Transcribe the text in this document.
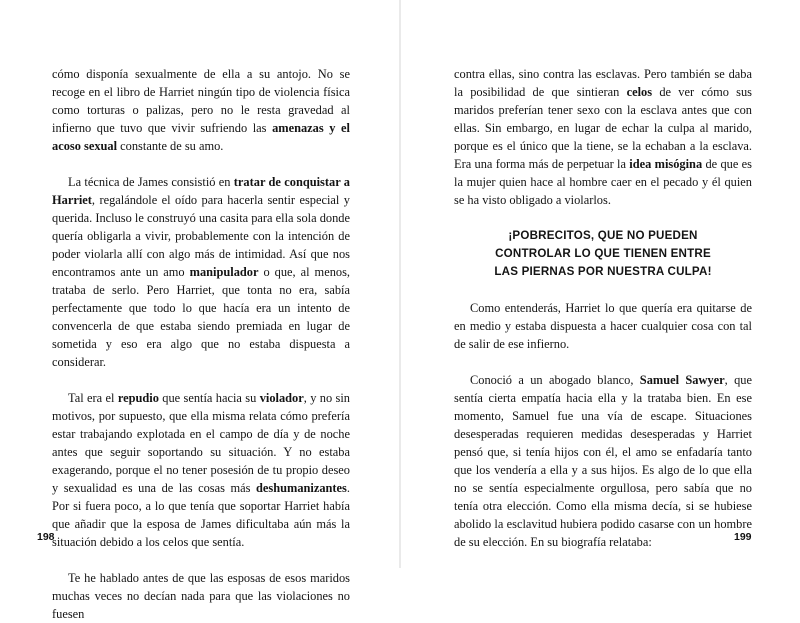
cómo disponía sexualmente de ella a su antojo. No se recoge en el libro de Harriet ningún tipo de violencia física como torturas o palizas, pero no le resta gravedad al infierno que tuvo que vivir sufriendo las amenazas y el acoso sexual constante de su amo.

La técnica de James consistió en tratar de conquistar a Harriet, regalándole el oído para hacerla sentir especial y querida. Incluso le construyó una casita para ella sola donde quería obligarla a vivir, probablemente con la intención de poder violarla allí con algo más de intimidad. Así que nos encontramos ante un amo manipulador o que, al menos, trataba de serlo. Pero Harriet, que tonta no era, sabía perfectamente que todo lo que hacía era un intento de convencerla de que estaba siendo premiada en lugar de sometida y eso era algo que no estaba dispuesta a considerar.

Tal era el repudio que sentía hacia su violador, y no sin motivos, por supuesto, que ella misma relata cómo prefería estar trabajando explotada en el campo de día y de noche antes que seguir soportando su situación. Y no estaba exagerando, porque el no tener posesión de tu propio deseo y sexualidad es una de las cosas más deshumanizantes. Por si fuera poco, a lo que tenía que soportar Harriet había que añadir que la esposa de James dificultaba aún más la situación debido a los celos que sentía.

Te he hablado antes de que las esposas de esos maridos muchas veces no decían nada para que las violaciones no fuesen

198

contra ellas, sino contra las esclavas. Pero también se daba la posibilidad de que sintieran celos de ver cómo sus maridos preferían tener sexo con la esclava antes que con ellas. Sin embargo, en lugar de echar la culpa al marido, porque es el único que la tiene, se la echaban a la esclava. Era una forma más de perpetuar la idea misógina de que es la mujer quien hace al hombre caer en el pecado y él quien se ha visto obligado a violarlos.

¡POBRECITOS, QUE NO PUEDEN
CONTROLAR LO QUE TIENEN ENTRE
LAS PIERNAS POR NUESTRA CULPA!

Como entenderás, Harriet lo que quería era quitarse de en medio y estaba dispuesta a hacer cualquier cosa con tal de salir de ese infierno.

Conoció a un abogado blanco, Samuel Sawyer, que sentía cierta empatía hacia ella y la trataba bien. En ese momento, Samuel fue una vía de escape. Situaciones desesperadas requieren medidas desesperadas y Harriet pensó que, si tenía hijos con él, el amo se enfadaría tanto que los vendería a ella y a sus hijos. Es algo de lo que ella no se sentía especialmente orgullosa, pero sabía que no tenía otra elección. Como ella misma decía, si se hubiese abolido la esclavitud hubiera podido casarse con un hombre de su elección. En su biografía relataba:	199
